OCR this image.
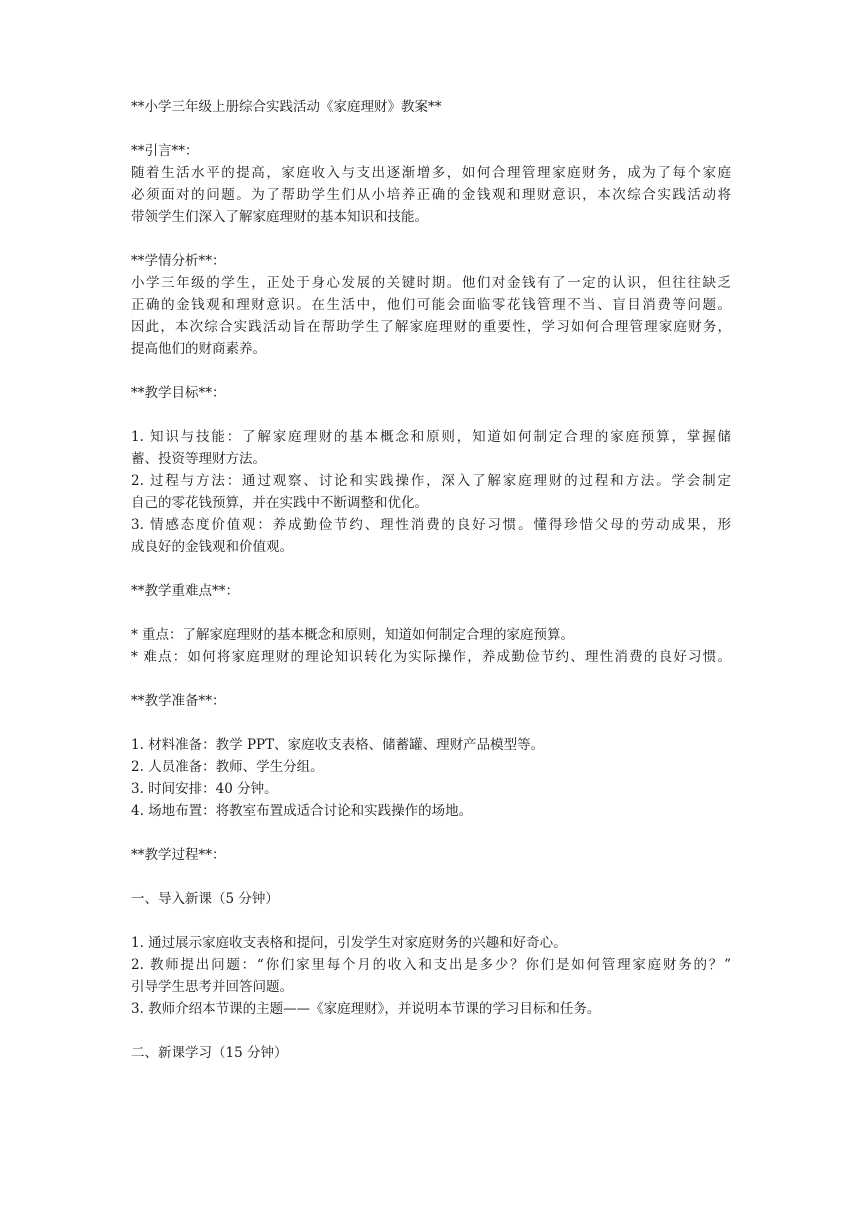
**小学三年级上册综合实践活动《家庭理财》教案**

**引言**：

随着生活水平的提高，家庭收入与支出逐渐增多，如何合理管理家庭财务，成为了每个家庭

必须面对的问题。为了帮助学生们从小培养正确的金钱观和理财意识，本次综合实践活动将

带领学生们深入了解家庭理财的基本知识和技能。

**学情分析**：

小学三年级的学生，正处于身心发展的关键时期。他们对金钱有了一定的认识，但往往缺乏

正确的金钱观和理财意识。在生活中，他们可能会面临零花钱管理不当、盲目消费等问题。

因此，本次综合实践活动旨在帮助学生了解家庭理财的重要性，学习如何合理管理家庭财务，

提高他们的财商素养。

**教学目标**：

1. 知识与技能：了解家庭理财的基本概念和原则，知道如何制定合理的家庭预算，掌握储

蓄、投资等理财方法。

2. 过程与方法：通过观察、讨论和实践操作，深入了解家庭理财的过程和方法。学会制定

自己的零花钱预算，并在实践中不断调整和优化。

3. 情感态度价值观：养成勤俭节约、理性消费的良好习惯。懂得珍惜父母的劳动成果，形

成良好的金钱观和价值观。

**教学重难点**：

* 重点：了解家庭理财的基本概念和原则，知道如何制定合理的家庭预算。

* 难点：如何将家庭理财的理论知识转化为实际操作，养成勤俭节约、理性消费的良好习惯。

**教学准备**：

1. 材料准备：教学 PPT、家庭收支表格、储蓄罐、理财产品模型等。

2. 人员准备：教师、学生分组。

3. 时间安排：40 分钟。

4. 场地布置：将教室布置成适合讨论和实践操作的场地。

**教学过程**：

一、导入新课（5 分钟）

1. 通过展示家庭收支表格和提问，引发学生对家庭财务的兴趣和好奇心。

2. 教师提出问题：“你们家里每个月的收入和支出是多少？你们是如何管理家庭财务的？”

引导学生思考并回答问题。

3. 教师介绍本节课的主题——《家庭理财》，并说明本节课的学习目标和任务。

二、新课学习（15 分钟）
